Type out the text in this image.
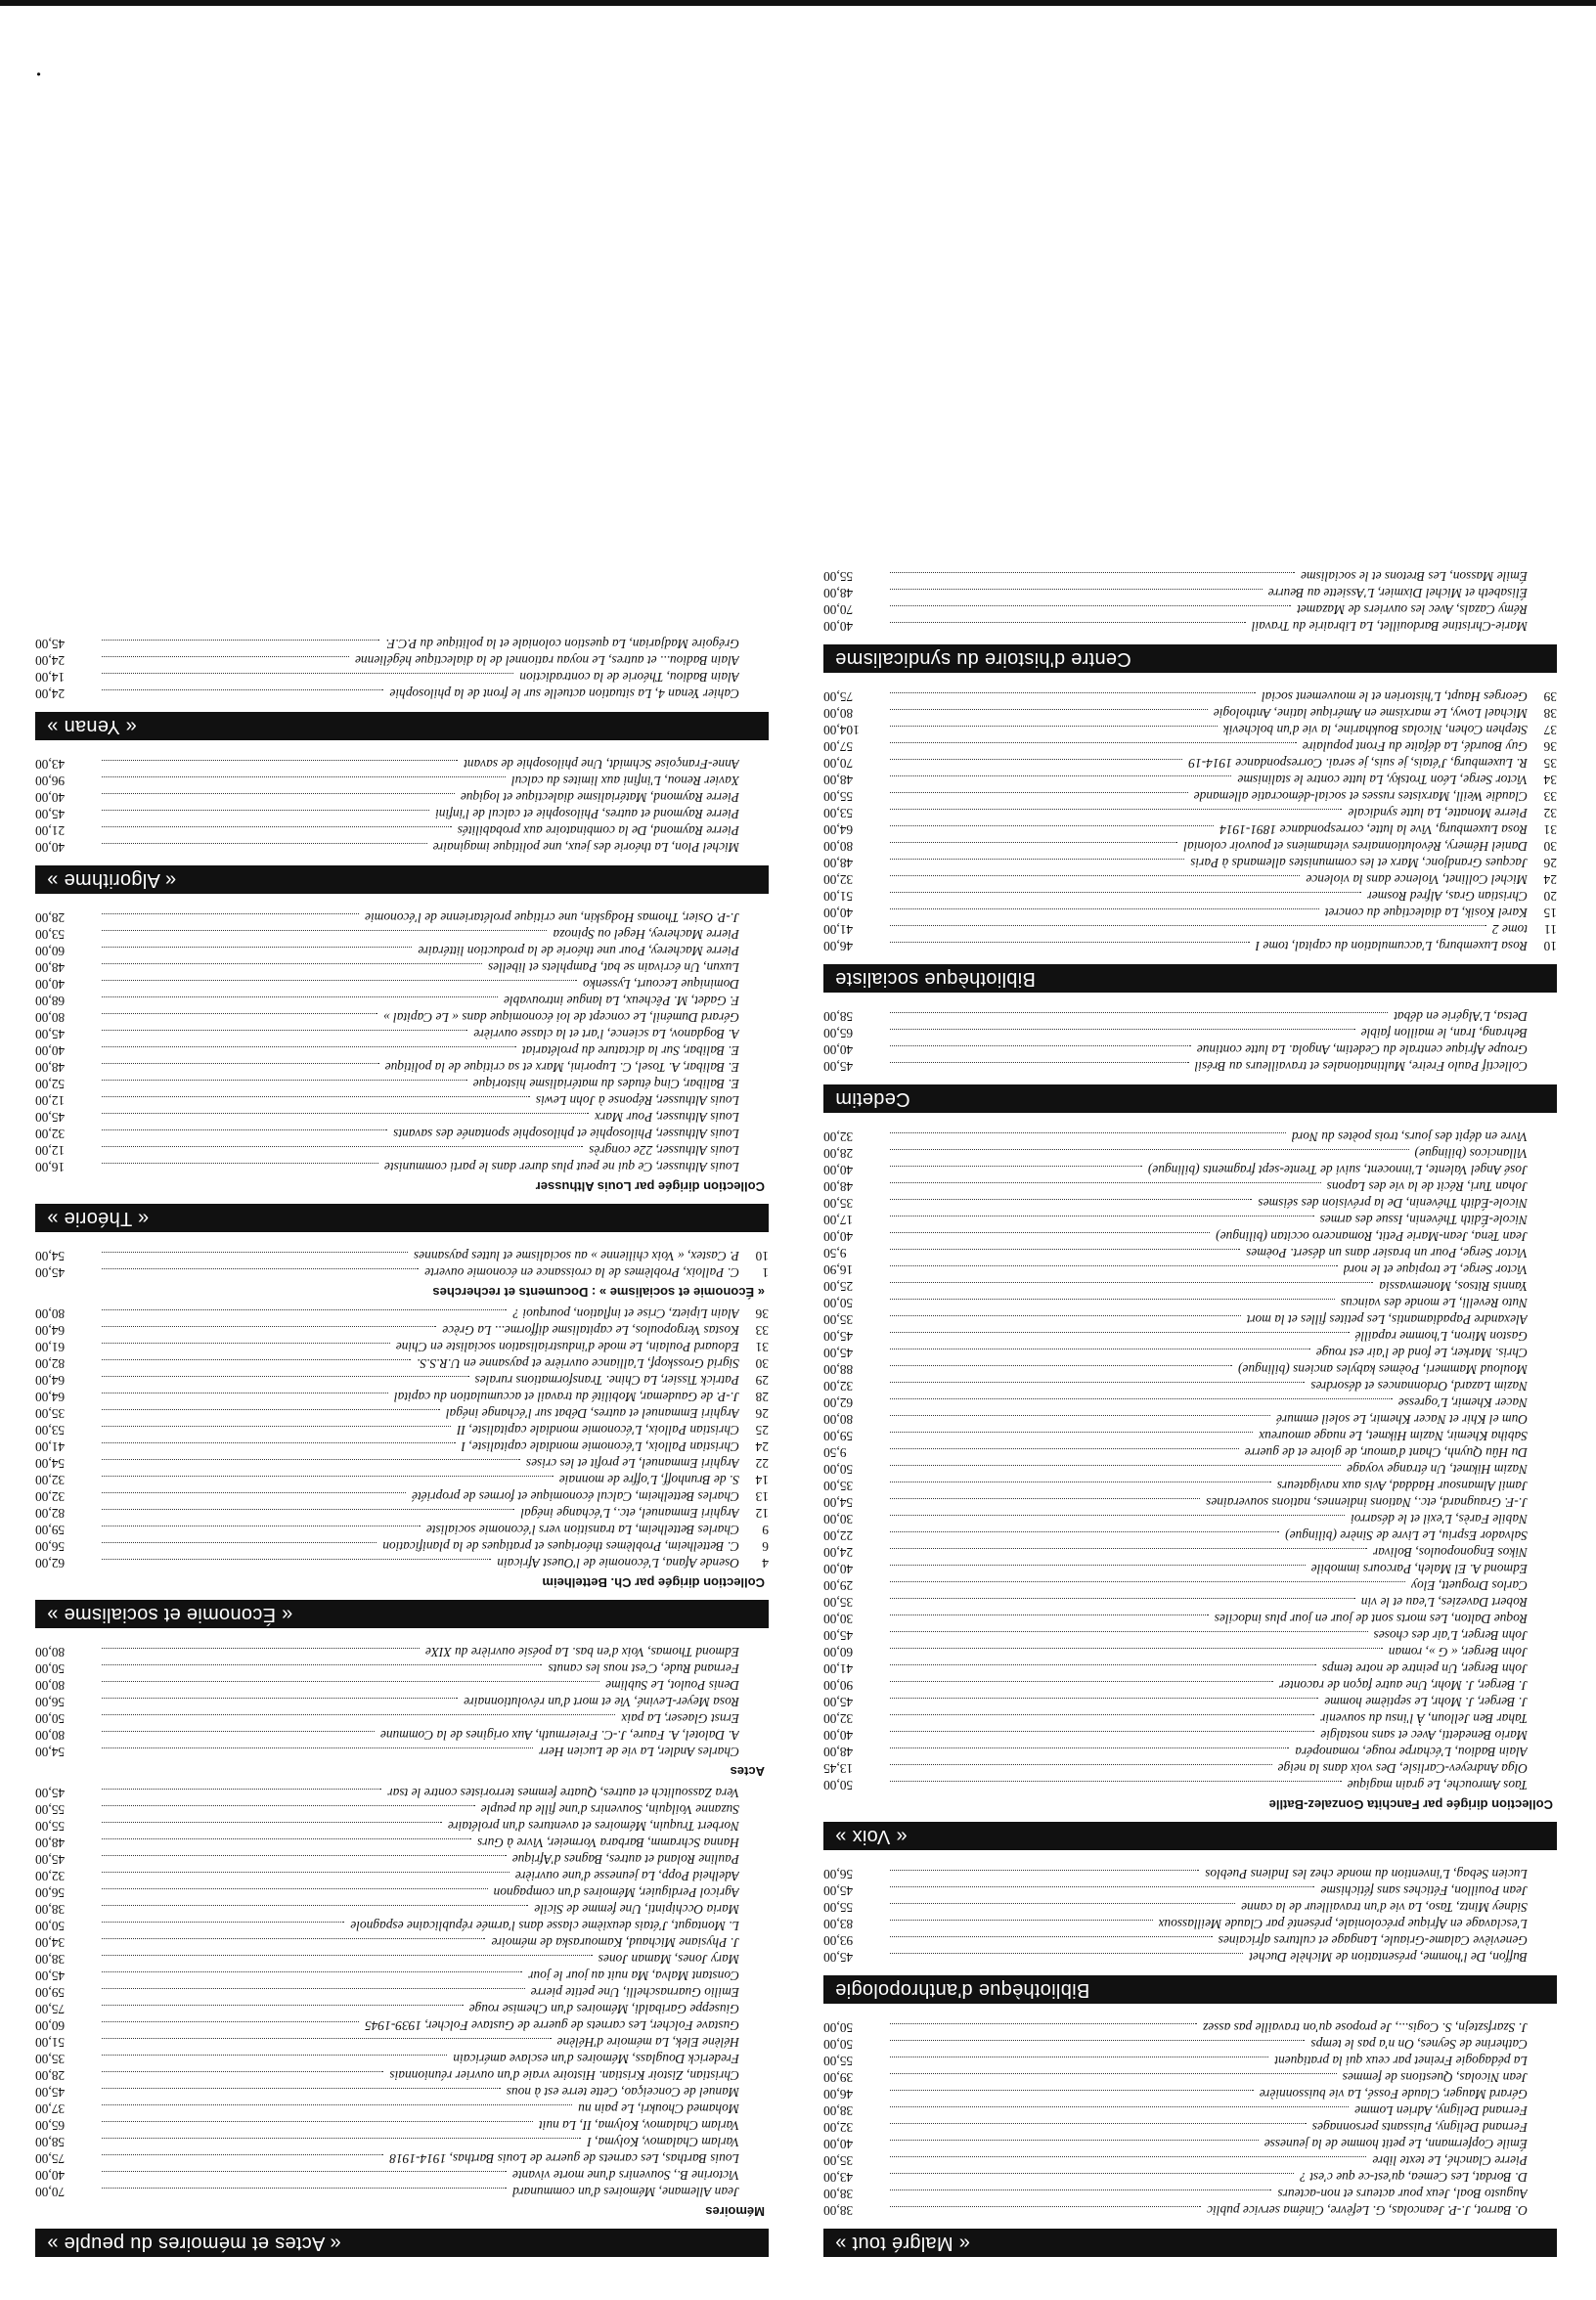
« Malgré tout »
O. Barrot, J.-P. Jeancolas, G. Lefèvre, Cinéma service public
38,00
Augusto Boal, Jeux pour acteurs et non-acteurs
38,00
D. Bordat, Les Cemea, qu'est-ce que c'est ?
43,00
Pierre Clanché, Le texte libre
35,00
Émile Copfermann, Le petit homme de la jeunesse
40,00
Fernand Deligny, Puissants personnages
32,00
Fernand Deligny, Adrien Lomme
38,00
Gérard Mauger, Claude Fossé, La vie buissonnière
46,00
Jean Nicolas, Questions de femmes
39,00
La pédagogie Freinet par ceux qui la pratiquent
55,00
Catherine de Seynes, On n'a pas le temps
50,00
J. Szarfsztejn, S. Cogis..., Je propose qu'on travaille pas assez
50,00
Bibliothèque d'anthropologie
Buffon, De l'homme, présentation de Michèle Duchet
45,00
Geneviève Calame-Griaule, Langage et cultures africaines
93,00
L'esclavage en Afrique précoloniale, présenté par Claude Meillassoux
83,00
Sidney Mintz, Taso, La vie d'un travailleur de la canne
55,00
Jean Pouillon, Fétiches sans fétichisme
45,00
Lucien Sebag, L'invention du monde chez les Indiens Pueblos
56,00
« Voix »
Collection dirigée par Fanchita Gonzalez-Batlle
Taos Amrouche, Le grain magique
50,00
Olga Andreyev-Carlisle, Des voix dans la neige
13,45
Alain Badiou, L'écharpe rouge, romanopéra
48,00
Mario Benedetti, Avec et sans nostalgie
40,00
Tahar Ben Jelloun, À l'insu du souvenir
32,00
J. Berger, J. Mohr, Le septième homme
45,00
J. Berger, J. Mohr, Une autre façon de raconter
90,00
John Berger, Un peintre de notre temps
41,00
John Berger, « G », roman
60,00
John Berger, L'air des choses
45,00
Roque Dalton, Les morts sont de jour en jour plus indociles
30,00
Robert Davezies, L'eau et le vin
35,00
Carlos Droguett, Eloy
29,00
Edmond A. El Maleh, Parcours immobile
40,00
Nikos Engonopoulos, Bolivar
24,00
Salvador Espriu, Le Livre de Sinère (bilingue)
22,00
Nabile Farès, L'exil et le désarroi
30,00
J.-F. Graugnard, etc., Nations indiennes, nations souveraines
54,00
Jamil Almansour Haddad, Avis aux navigateurs
35,00
Nazim Hikmet, Un étrange voyage
50,00
Du Hûu Quynh, Chant d'amour, de gloire et de guerre
9,50
Sabiha Khemir, Nazim Hikmet, Le nuage amoureux
59,00
Oum el Khir et Nacer Khemir, Le soleil emmuré
80,00
Nacer Khemir, L'ogresse
62,00
Nazim Lazard, Ordonnances et désordres
32,00
Mouloud Mammeri, Poèmes kabyles anciens (bilingue)
88,00
Chris. Marker, Le fond de l'air est rouge
45,00
Gaston Miron, L'homme rapaillé
45,00
Alexandre Papadiamantis, Les petites filles et la mort
35,00
Nuto Revelli, Le monde des vaincus
50,00
Yannis Ritsos, Monemvassia
25,00
Victor Serge, Le tropique et le nord
16,90
Victor Serge, Pour un brasier dans un désert. Poèmes
9,50
Jean Tena, Jean-Marie Petit, Romancero occitan (bilingue)
40,00
Nicole-Édith Thévenin, Issue des armes
17,00
Nicole-Édith Thévenin, De la prévision des séismes
35,00
Johan Turi, Récit de la vie des Lapons
48,00
José Angel Valente, L'innocent, suivi de Trente-sept fragments (bilingue)
40,00
Villancicos (bilingue)
28,00
Vivre en dépit des jours, trois poètes du Nord
32,00
Cedetim
Collectif Paulo Freire, Multinationales et travailleurs au Brésil
45,00
Groupe Afrique centrale du Cedetim, Angola. La lutte continue
40,00
Behrang, Iran, le maillon faible
65,00
Detsa, L'Algérie en débat
58,00
Bibliothèque socialiste
10
Rosa Luxemburg, L'accumulation du capital, tome I
46,00
11
tome 2
41,00
15
Karel Kosik, La dialectique du concret
40,00
20
Christian Gras, Alfred Rosmer
51,00
24
Michel Collinet, Violence dans la violence
32,00
26
Jacques Grandjonc, Marx et les communistes allemands à Paris
48,00
30
Daniel Hémery, Révolutionnaires vietnamiens et pouvoir colonial
80,00
31
Rosa Luxemburg, Vive la lutte, correspondance 1891-1914
64,00
32
Pierre Monatte, La lutte syndicale
53,00
33
Claudie Weill, Marxistes russes et social-démocratie allemande
55,00
34
Victor Serge, Léon Trotsky, La lutte contre le stalinisme
48,00
35
R. Luxemburg, J'étais, je suis, je serai. Correspondance 1914-19
70,00
36
Guy Bourdé, La défaite du Front populaire
57,00
37
Stephen Cohen, Nicolas Boukharine, la vie d'un bolchevik
104,00
38
Michael Lowy, Le marxisme en Amérique latine, Anthologie
80,00
39
Georges Haupt, L'historien et le mouvement social
75,00
Centre d'histoire du syndicalisme
Marie-Christine Bardouillet, La Librairie du Travail
40,00
Rémy Cazals, Avec les ouvriers de Mazamet
70,00
Élisabeth et Michel Dixmier, L'Assiette au Beurre
48,00
Émile Masson, Les Bretons et le socialisme
55,00
« Actes et mémoires du peuple »
Mémoires
Jean Allemane, Mémoires d'un communard
70,00
Victorine B., Souvenirs d'une morte vivante
40,00
Louis Barthas, Les carnets de guerre de Louis Barthas, 1914-1918
75,00
Varlam Chalamov, Kolyma, I
58,00
Varlam Chalamov, Kolyma, II, La nuit
65,00
Mohamed Choukri, Le pain nu
37,00
Manuel de Conceiçao, Cette terre est à nous
45,00
Christian, Zistoir Kristian. Histoire vraie d'un ouvrier réunionnais
28,00
Frederick Douglass, Mémoires d'un esclave américain
35,00
Hélène Elek, La mémoire d'Hélène
51,00
Gustave Folcher, Les carnets de guerre de Gustave Folcher, 1939-1945
60,00
Giuseppe Garibaldi, Mémoires d'un Chemise rouge
75,00
Emilio Guarnaschelli, Une petite pierre
59,00
Constant Malva, Ma nuit au jour le jour
45,00
Mary Jones, Maman Jones
38,00
J. Physiane Michaud, Kamouraska de mémoire
34,00
L. Montagut, J'étais deuxième classe dans l'armée républicaine espagnole
50,00
Maria Occhipinti, Une femme de Sicile
38,00
Agricol Perdiguier, Mémoires d'un compagnon
56,00
Adelheid Popp, La jeunesse d'une ouvrière
32,00
Pauline Roland et autres, Bagnes d'Afrique
45,00
Hanna Schramm, Barbara Vormeier, Vivre à Gurs
48,00
Norbert Truquin, Mémoires et aventures d'un prolétaire
55,00
Suzanne Voilquin, Souvenirs d'une fille du peuple
55,00
Vera Zassoulitch et autres, Quatre femmes terroristes contre le tsar
45,00
Actes
Charles Andler, La vie de Lucien Herr
54,00
A. Dalotel, A. Faure, J.-C. Freiermuth, Aux origines de la Commune
80,00
Ernst Glaeser, La paix
50,00
Rosa Meyer-Leviné, Vie et mort d'un révolutionnaire
56,00
Denis Poulot, Le Sublime
80,00
Fernand Rude, C'est nous les canuts
50,00
Edmond Thomas, Voix d'en bas. La poésie ouvrière du XIXe
80,00
« Économie et socialisme »
Collection dirigée par Ch. Bettelheim
4
Osende Afana, L'économie de l'Ouest Africain
62,00
6
C. Bettelheim, Problèmes théoriques et pratiques de la planification
56,00
9
Charles Bettelheim, La transition vers l'économie socialiste
59,00
12
Arghiri Emmanuel, etc., L'échange inégal
82,00
13
Charles Bettelheim, Calcul économique et formes de propriété
32,00
14
S. de Brunhoff, L'offre de monnaie
32,00
22
Arghiri Emmanuel, Le profit et les crises
54,00
24
Christian Palloix, L'économie mondiale capitaliste, I
41,00
25
Christian Palloix, L'économie mondiale capitaliste, II
53,00
26
Arghiri Emmanuel et autres, Débat sur l'échange inégal
35,00
28
J.-P. de Gaudemar, Mobilité du travail et accumulation du capital
64,00
29
Patrick Tissier, La Chine. Transformations rurales
64,00
30
Sigrid Grosskopf, L'alliance ouvrière et paysanne en U.R.S.S.
82,00
31
Edouard Poulain, Le mode d'industrialisation socialiste en Chine
61,00
33
Kostas Vergopoulos, Le capitalisme difforme... La Grèce
64,00
36
Alain Lipietz, Crise et inflation, pourquoi ?
80,00
« Économie et socialisme » : Documents et recherches
1
C. Palloix, Problèmes de la croissance en économie ouverte
45,00
10
P. Castex, « Voix chilienne » au socialisme et luttes paysannes
54,00
« Théorie »
Collection dirigée par Louis Althusser
Louis Althusser, Ce qui ne peut plus durer dans le parti communiste
16,00
Louis Althusser, 22e congrès
12,00
Louis Althusser, Philosophie et philosophie spontanée des savants
32,00
Louis Althusser, Pour Marx
45,00
Louis Althusser, Réponse à John Lewis
12,00
E. Balibar, Cinq études du matérialisme historique
52,00
E. Balibar, A. Tosel, C. Luporini, Marx et sa critique de la politique
48,00
E. Balibar, Sur la dictature du prolétariat
40,00
A. Bogdanov, La science, l'art et la classe ouvrière
45,00
Gérard Duménil, Le concept de loi économique dans « Le Capital »
80,00
F. Gadet, M. Pêcheux, La langue introuvable
68,00
Dominique Lecourt, Lyssenko
40,00
Luxun, Un écrivain se bat, Pamphlets et libelles
48,00
Pierre Macherey, Pour une théorie de la production littéraire
60,00
Pierre Macherey, Hegel ou Spinoza
53,00
J.-P. Osier, Thomas Hodgskin, une critique prolétarienne de l'économie
28,00
« Algorithme »
Michel Plon, La théorie des jeux, une politique imaginaire
40,00
Pierre Raymond, De la combinatoire aux probabilités
21,00
Pierre Raymond et autres, Philosophie et calcul de l'infini
45,00
Pierre Raymond, Matérialisme dialectique et logique
40,00
Xavier Renou, L'infini aux limites du calcul
96,00
Anne-Françoise Schmidt, Une philosophie de savant
43,00
« Yenan »
Cahier Yenan 4, La situation actuelle sur le front de la philosophie
24,00
Alain Badiou, Théorie de la contradiction
14,00
Alain Badiou... et autres, Le noyau rationnel de la dialectique hégélienne
24,00
Grégoire Madjarian, La question coloniale et la politique du P.C.F.
45,00
•
